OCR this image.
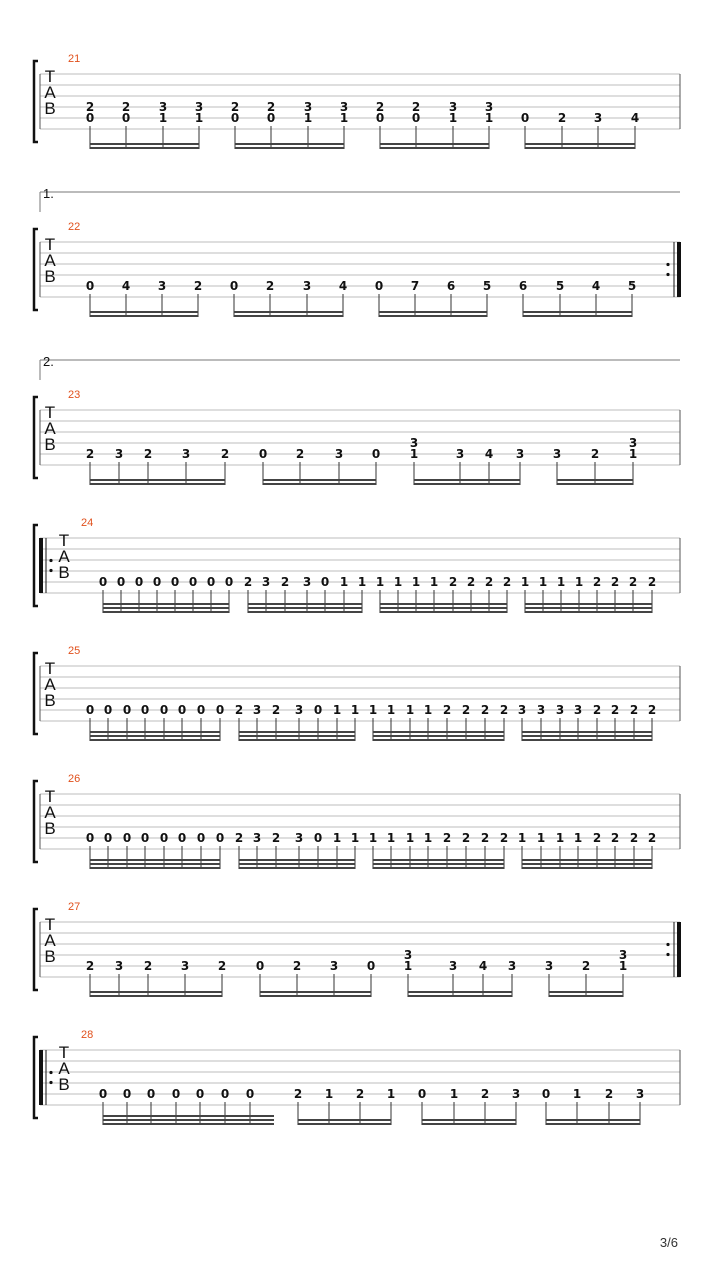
T
A
B
21
2
0
2
0
3
1
3
1
2
0
2
0
3
1
3
1
2
0
2
0
3
1
3
1 0 2 3 4
T
A
B
22
1.
0 4 3 2 0 2 3 4 0 7 6 5 6 5 4 5
T
A
B
23
2.
2 3 2 3	2 0 2	3 0
3
1	3 4 3 3 2
3
1
T
A
B
24
0 0 0 0 0 0 0 0 2 3 2 3 0 1 1 1 1 1 1 2 2 2 2 1 1 1 1 2 2 2 2
T
A
B
25
0 0 0 0 0 0 0 0 2 3 2 3 0 1 1 1 1 1 1 2 2 2 2 3 3 3 3 2 2 2 2
T
A
B
26
0 0 0 0 0 0 0 0 2 3 2 3 0 1 1 1 1 1 1 2 2 2 2 1 1 1 1 2 2 2 2
T
A
B
27
2 3 2 3 2 0 2 3 0
3
1	3 4 3 3 2
3
1
T
A
B
28
0 0 0 0 0 0 0	2 1 2 1 0 1 2 3 0 1 2 3
3/6
